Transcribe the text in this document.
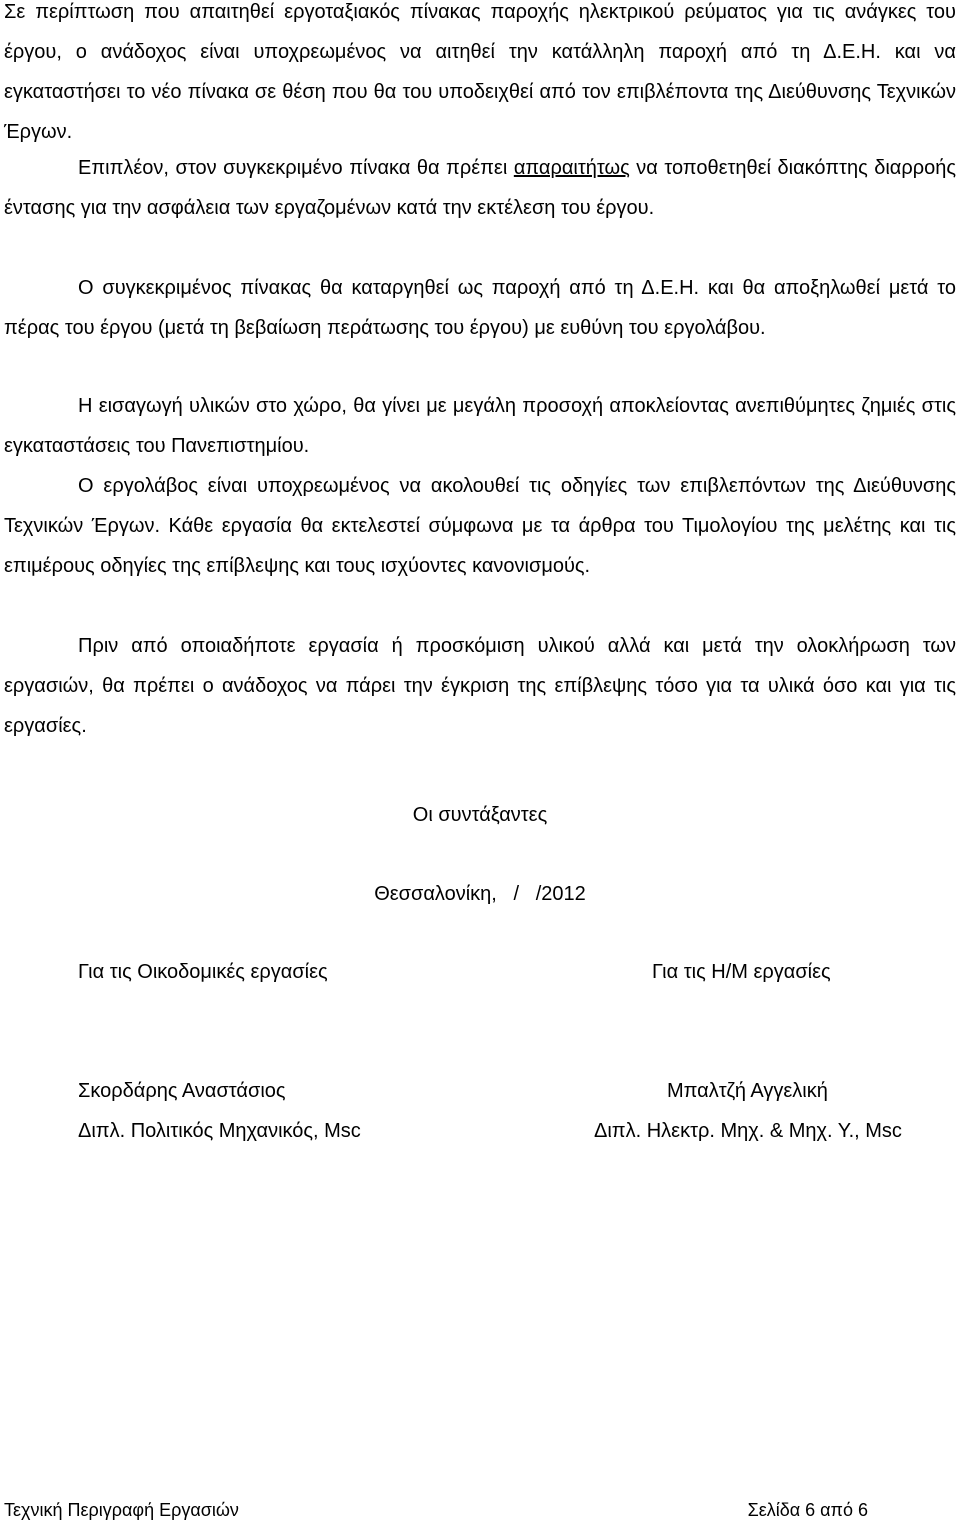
Σε περίπτωση που απαιτηθεί εργοταξιακός πίνακας παροχής ηλεκτρικού ρεύματος για τις ανάγκες του έργου, ο ανάδοχος είναι υποχρεωμένος να αιτηθεί την κατάλληλη παροχή από τη Δ.Ε.Η. και να εγκαταστήσει το νέο πίνακα σε θέση που θα του υποδειχθεί από τον επιβλέποντα της Διεύθυνσης Τεχνικών Έργων.

Επιπλέον, στον συγκεκριμένο πίνακα θα πρέπει απαραιτήτως να τοποθετηθεί διακόπτης διαρροής έντασης για την ασφάλεια των εργαζομένων κατά την εκτέλεση του έργου.

Ο συγκεκριμένος πίνακας θα καταργηθεί ως παροχή από τη Δ.Ε.Η. και θα αποξηλωθεί μετά το πέρας του έργου (μετά τη βεβαίωση περάτωσης του έργου) με ευθύνη του εργολάβου.

Η εισαγωγή υλικών στο χώρο, θα γίνει με μεγάλη προσοχή αποκλείοντας ανεπιθύμητες ζημιές στις εγκαταστάσεις του Πανεπιστημίου.

Ο εργολάβος είναι υποχρεωμένος να ακολουθεί τις οδηγίες των επιβλεπόντων της Διεύθυνσης Τεχνικών Έργων. Κάθε εργασία θα εκτελεστεί σύμφωνα με τα άρθρα του Τιμολογίου της μελέτης και τις επιμέρους οδηγίες της επίβλεψης και τους ισχύοντες κανονισμούς.

Πριν από οποιαδήποτε εργασία ή προσκόμιση υλικού αλλά και μετά την ολοκλήρωση των εργασιών, θα πρέπει ο ανάδοχος να πάρει την έγκριση της επίβλεψης τόσο για τα υλικά όσο και για τις εργασίες.

Οι συντάξαντες
Θεσσαλονίκη,   /   /2012
Για τις Οικοδομικές εργασίες	Για τις Η/Μ εργασίες
Σκορδάρης Αναστάσιος	Μπαλτζή Αγγελική
Διπλ. Πολιτικός Μηχανικός, Msc	Διπλ. Ηλεκτρ. Μηχ. & Μηχ. Υ., Msc
Τεχνική Περιγραφή Εργασιών	Σελίδα 6 από 6
